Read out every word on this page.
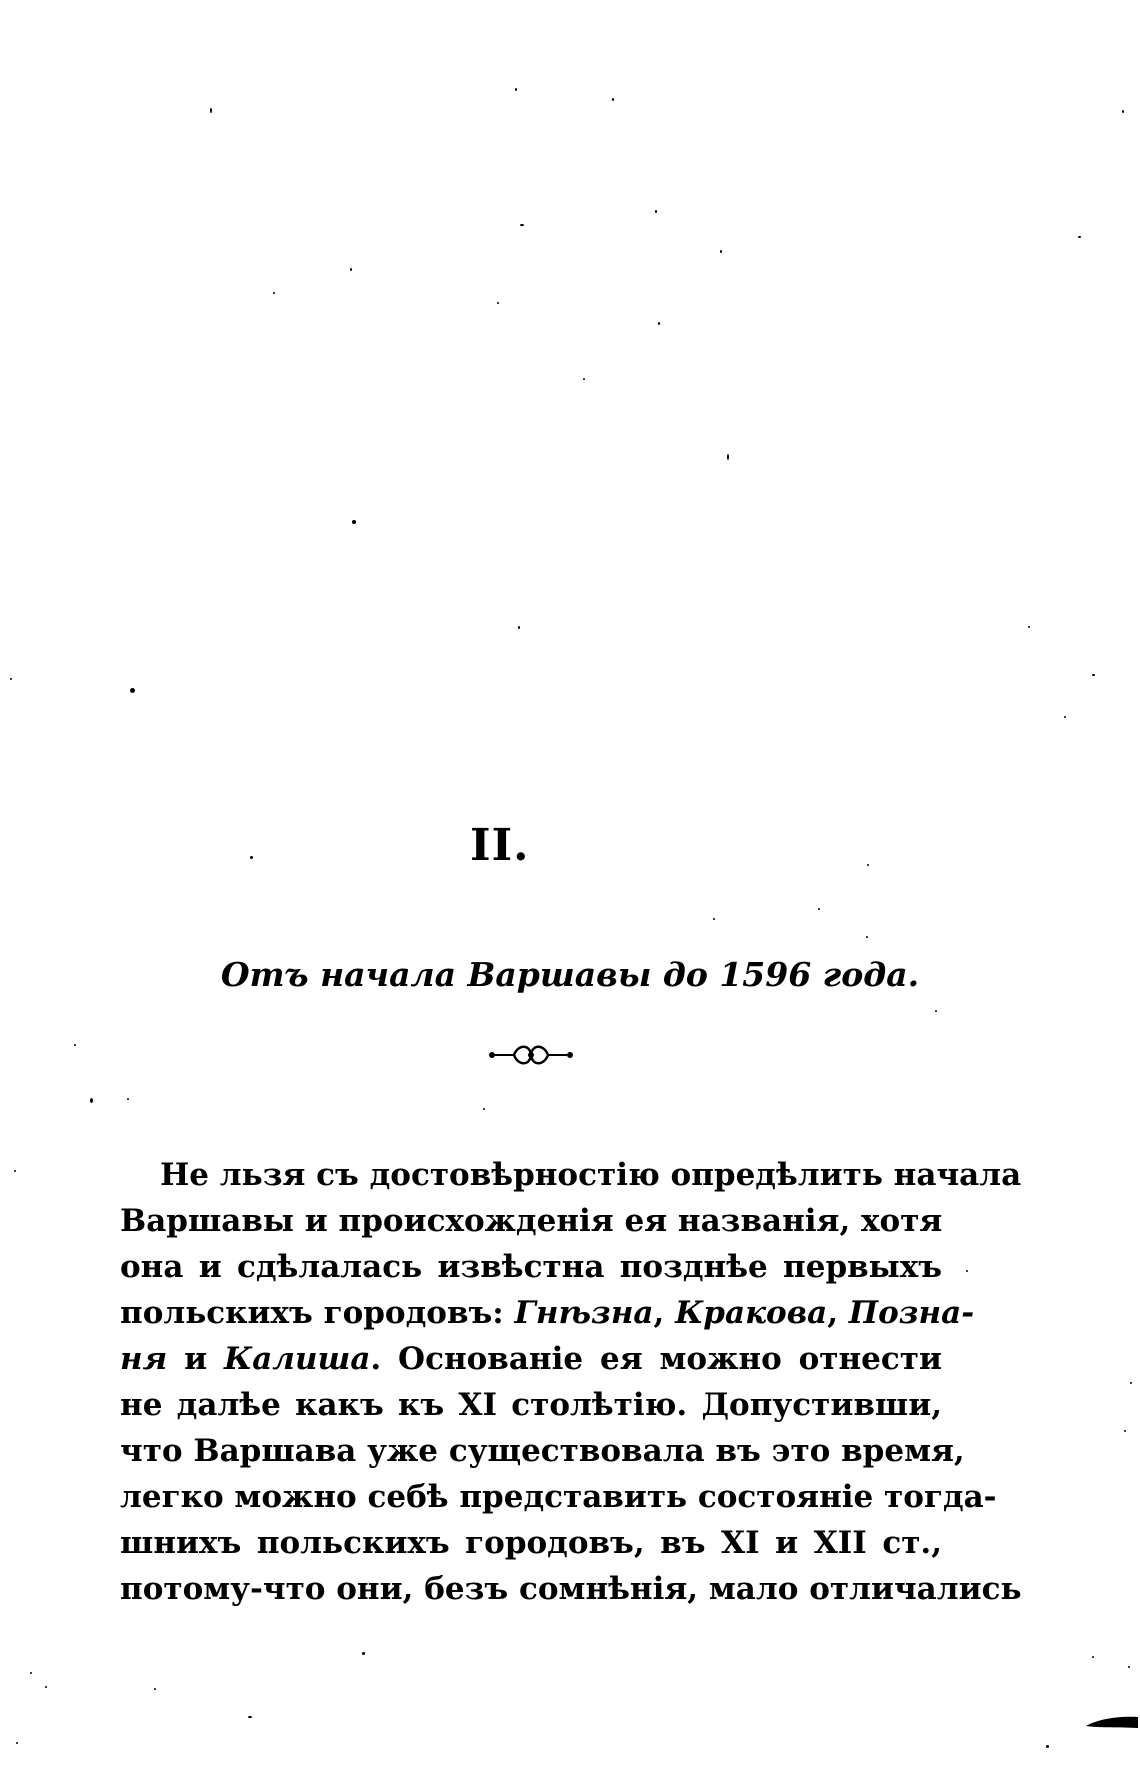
II.
Отъ начала Варшавы до 1596 года.
Не льзя съ достовѣрностію опредѣлить начала
Варшавы и происхожденія ея названія, хотя
она и сдѣлалась извѣстна позднѣе первыхъ
польскихъ городовъ: Гнѣзна, Кракова, Позна-
ня и Калиша. Основаніе ея можно отнести
не далѣе какъ къ XI столѣтію. Допустивши,
что Варшава уже существовала въ это время,
легко можно себѣ представить состояніе тогда-
шнихъ польскихъ городовъ, въ XI и XII ст.,
потому-что они, безъ сомнѣнія, мало отличались
